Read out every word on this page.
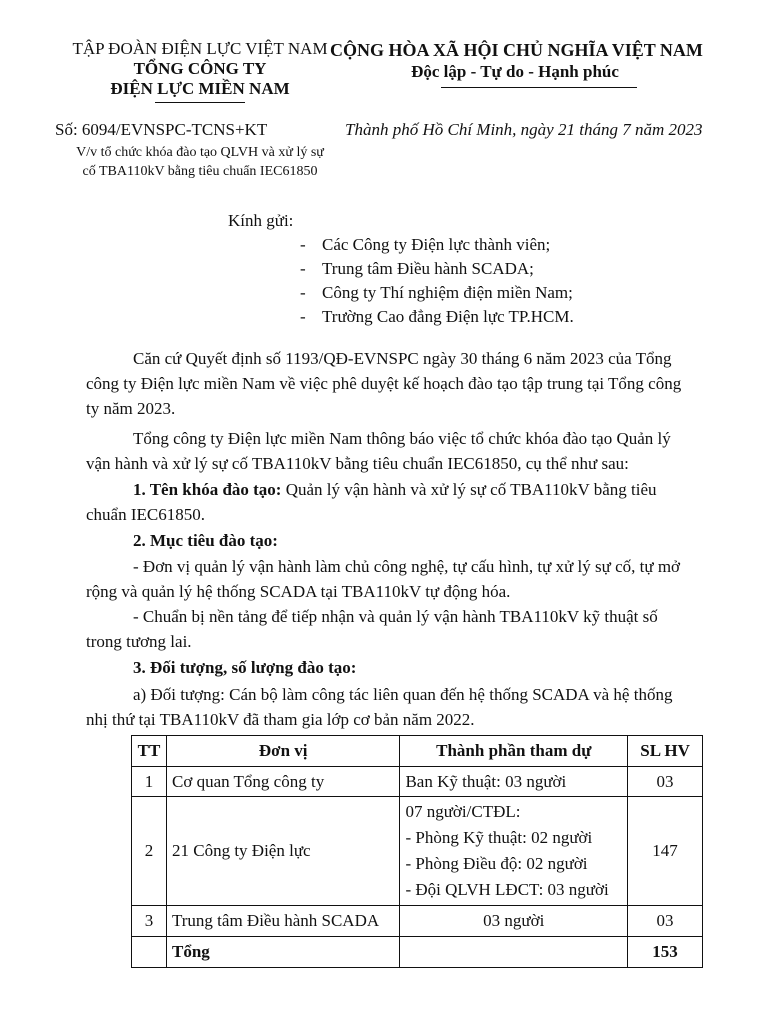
TẬP ĐOÀN ĐIỆN LỰC VIỆT NAM
TỔNG CÔNG TY
ĐIỆN LỰC MIỀN NAM
CỘNG HÒA XÃ HỘI CHỦ NGHĨA VIỆT NAM
Độc lập - Tự do - Hạnh phúc
Số: 6094/EVNSPC-TCNS+KT
V/v tổ chức khóa đào tạo QLVH và xử lý sự
cố TBA110kV bằng tiêu chuẩn IEC61850
Thành phố Hồ Chí Minh, ngày 21 tháng 7 năm 2023
Kính gửi:
- Các Công ty Điện lực thành viên;
- Trung tâm Điều hành SCADA;
- Công ty Thí nghiệm điện miền Nam;
- Trường Cao đẳng Điện lực TP.HCM.
Căn cứ Quyết định số 1193/QĐ-EVNSPC ngày 30 tháng 6 năm 2023 của Tổng
công ty Điện lực miền Nam về việc phê duyệt kế hoạch đào tạo tập trung tại Tổng công
ty năm 2023.
Tổng công ty Điện lực miền Nam thông báo việc tổ chức khóa đào tạo Quản lý
vận hành và xử lý sự cố TBA110kV bằng tiêu chuẩn IEC61850, cụ thể như sau:
1. Tên khóa đào tạo: Quản lý vận hành và xử lý sự cố TBA110kV bằng tiêu
chuẩn IEC61850.
2. Mục tiêu đào tạo:
- Đơn vị quản lý vận hành làm chủ công nghệ, tự cấu hình, tự xử lý sự cố, tự mở
rộng và quản lý hệ thống SCADA tại TBA110kV tự động hóa.
- Chuẩn bị nền tảng để tiếp nhận và quản lý vận hành TBA110kV kỹ thuật số
trong tương lai.
3. Đối tượng, số lượng đào tạo:
a) Đối tượng: Cán bộ làm công tác liên quan đến hệ thống SCADA và hệ thống
nhị thứ tại TBA110kV đã tham gia lớp cơ bản năm 2022.
TT	Đơn vị	Thành phần tham dự	SL HV
1	Cơ quan Tổng công ty	Ban Kỹ thuật: 03 người	03
2	21 Công ty Điện lực	07 người/CTĐL:
- Phòng Kỹ thuật: 02 người
- Phòng Điều độ: 02 người
- Đội QLVH LĐCT: 03 người	147
3	Trung tâm Điều hành SCADA	03 người	03
	Tổng		153
